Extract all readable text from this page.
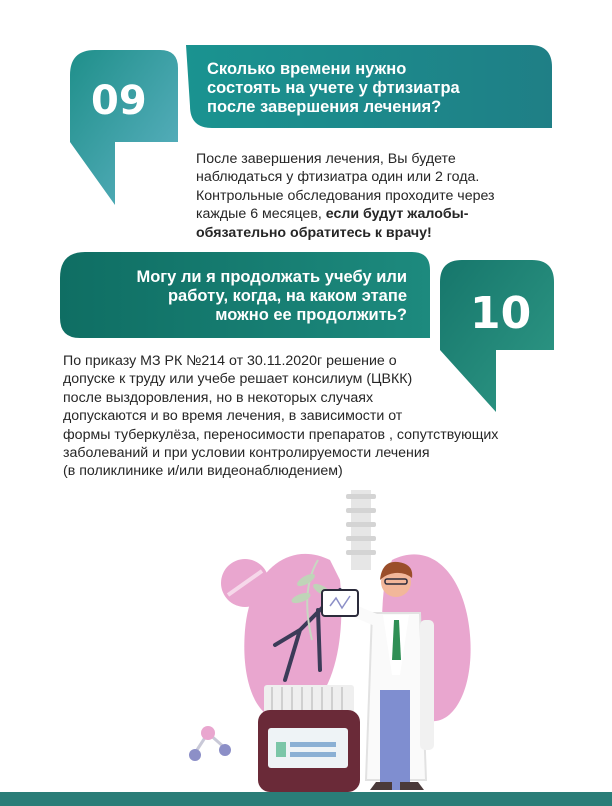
09
Сколько времени нужно
состоять на учете у фтизиатра
после завершения лечения?

После завершения лечения, Вы будете

наблюдаться у фтизиатра один или 2 года.

Контрольные обследования проходите через

каждые 6 месяцев, если будут жалобы-

обязательно обратитесь к врачу!

Могу ли я продолжать учебу или
работу, когда, на каком этапе
можно ее продолжить? 10

По приказу МЗ РК №214 от 30.11.2020г решение о

допуске к труду или учебе решает консилиум (ЦВКК)

после выздоровления, но в некоторых случаях

допускаются и во время лечения, в зависимости от

формы туберкулёза, переносимости препаратов , сопутствующих

заболеваний и при условии контролируемости лечения

(в поликлинике и/или видеонаблюдением)
